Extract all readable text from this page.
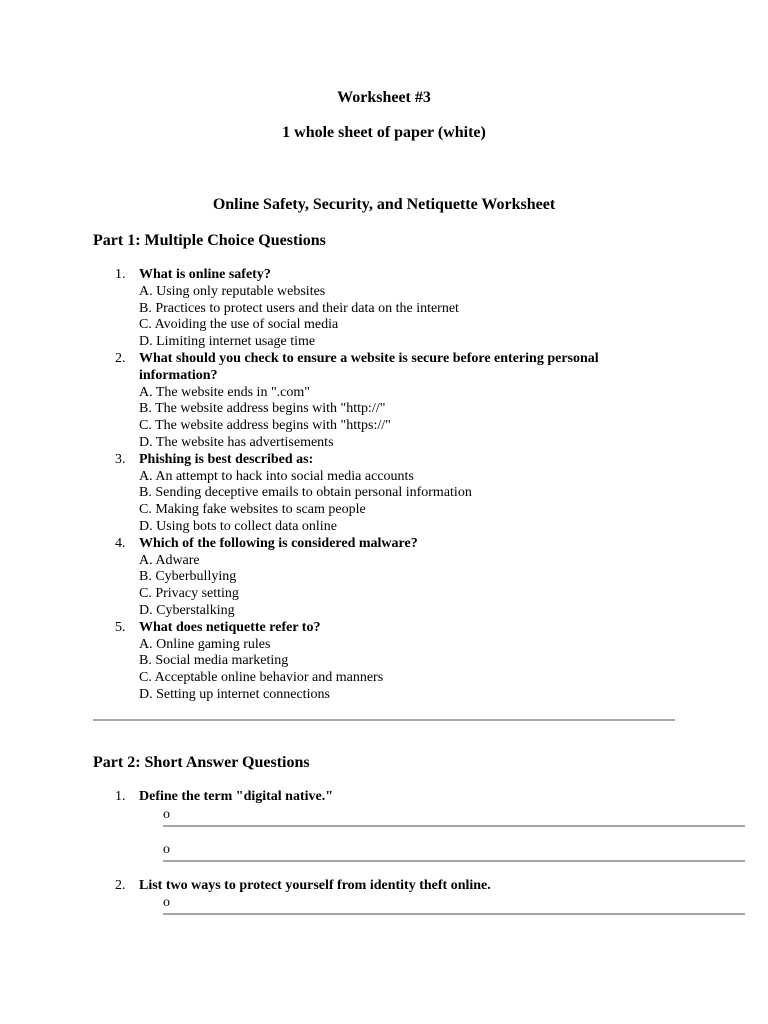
Worksheet #3
1 whole sheet of paper (white)
Online Safety, Security, and Netiquette Worksheet
Part 1: Multiple Choice Questions
1. What is online safety?
A. Using only reputable websites
B. Practices to protect users and their data on the internet
C. Avoiding the use of social media
D. Limiting internet usage time
2. What should you check to ensure a website is secure before entering personal information?
A. The website ends in ".com"
B. The website address begins with "http://"
C. The website address begins with "https://"
D. The website has advertisements
3. Phishing is best described as:
A. An attempt to hack into social media accounts
B. Sending deceptive emails to obtain personal information
C. Making fake websites to scam people
D. Using bots to collect data online
4. Which of the following is considered malware?
A. Adware
B. Cyberbullying
C. Privacy setting
D. Cyberstalking
5. What does netiquette refer to?
A. Online gaming rules
B. Social media marketing
C. Acceptable online behavior and manners
D. Setting up internet connections
Part 2: Short Answer Questions
1. Define the term "digital native."
o
o
2. List two ways to protect yourself from identity theft online.
o
